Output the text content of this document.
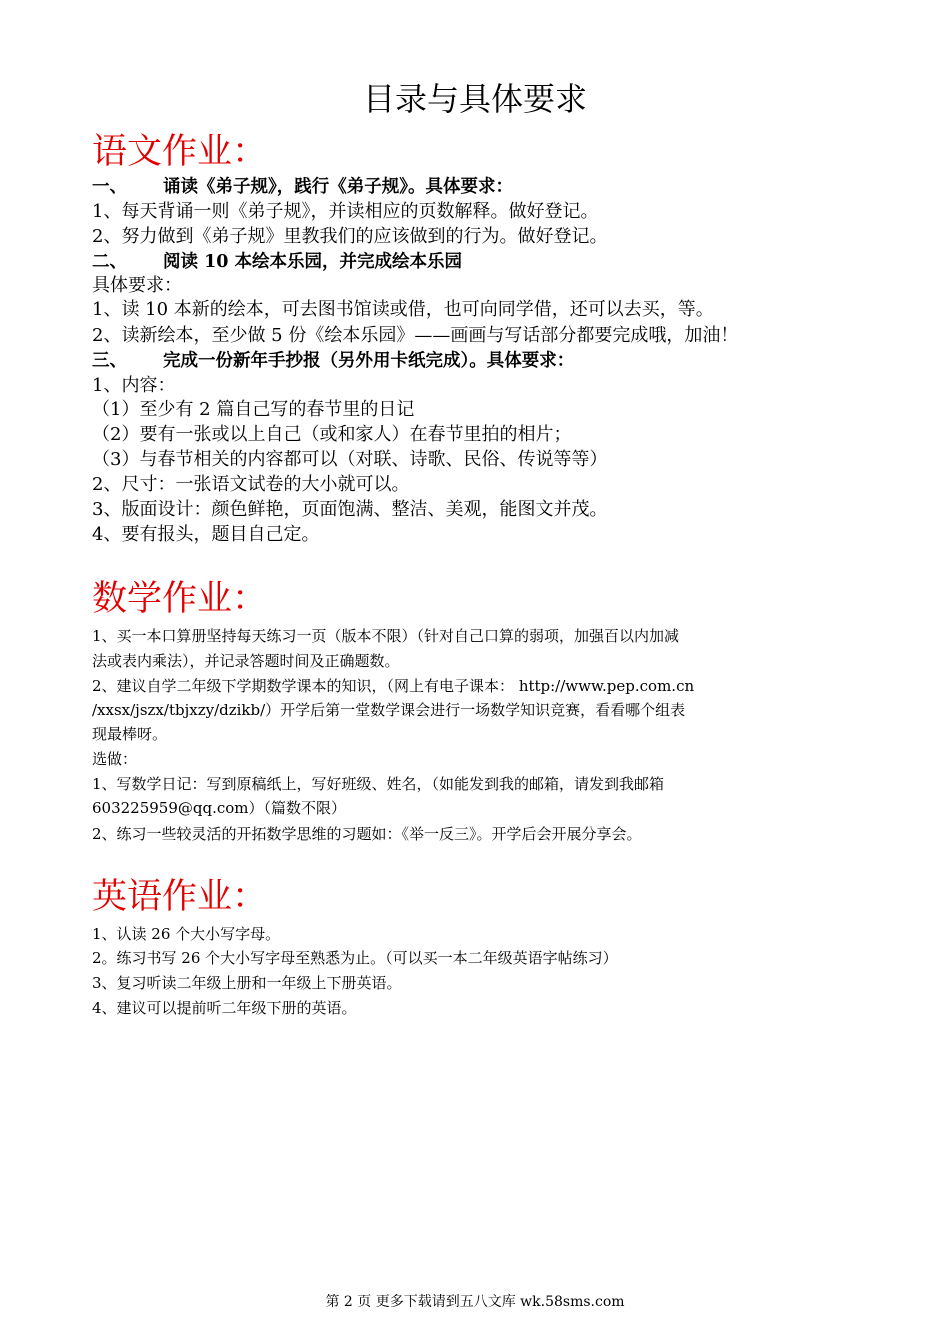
目录与具体要求
语文作业：
一、 诵读《弟子规》，践行《弟子规》。具体要求：
1、每天背诵一则《弟子规》，并读相应的页数解释。做好登记。
2、努力做到《弟子规》里教我们的应该做到的行为。做好登记。
二、 阅读 10 本绘本乐园，并完成绘本乐园
具体要求：
1、读 10 本新的绘本，可去图书馆读或借，也可向同学借，还可以去买，等。
2、读新绘本，至少做 5 份《绘本乐园》——画画与写话部分都要完成哦，加油！
三、 完成一份新年手抄报（另外用卡纸完成）。具体要求：
1、内容：
（1）至少有 2 篇自己写的春节里的日记
（2）要有一张或以上自己（或和家人）在春节里拍的相片；
（3）与春节相关的内容都可以（对联、诗歌、民俗、传说等等）
2、尺寸：一张语文试卷的大小就可以。
3、版面设计：颜色鲜艳，页面饱满、整洁、美观，能图文并茂。
4、要有报头，题目自己定。
数学作业：
1、买一本口算册坚持每天练习一页（版本不限）（针对自己口算的弱项，加强百以内加减
法或表内乘法），并记录答题时间及正确题数。
2、建议自学二年级下学期数学课本的知识，（网上有电子课本： http://www.pep.com.cn
/xxsx/jszx/tbjxzy/dzikb/）开学后第一堂数学课会进行一场数学知识竞赛，看看哪个组表
现最棒呀。
选做：
1、写数学日记：写到原稿纸上，写好班级、姓名，（如能发到我的邮箱，请发到我邮箱
603225959@qq.com）（篇数不限）
2、练习一些较灵活的开拓数学思维的习题如：《举一反三》。开学后会开展分享会。
英语作业：
1、认读 26 个大小写字母。
2。练习书写 26 个大小写字母至熟悉为止。（可以买一本二年级英语字帖练习）
3、复习听读二年级上册和一年级上下册英语。
4、建议可以提前听二年级下册的英语。
第 2 页 更多下载请到五八文库 wk.58sms.com
